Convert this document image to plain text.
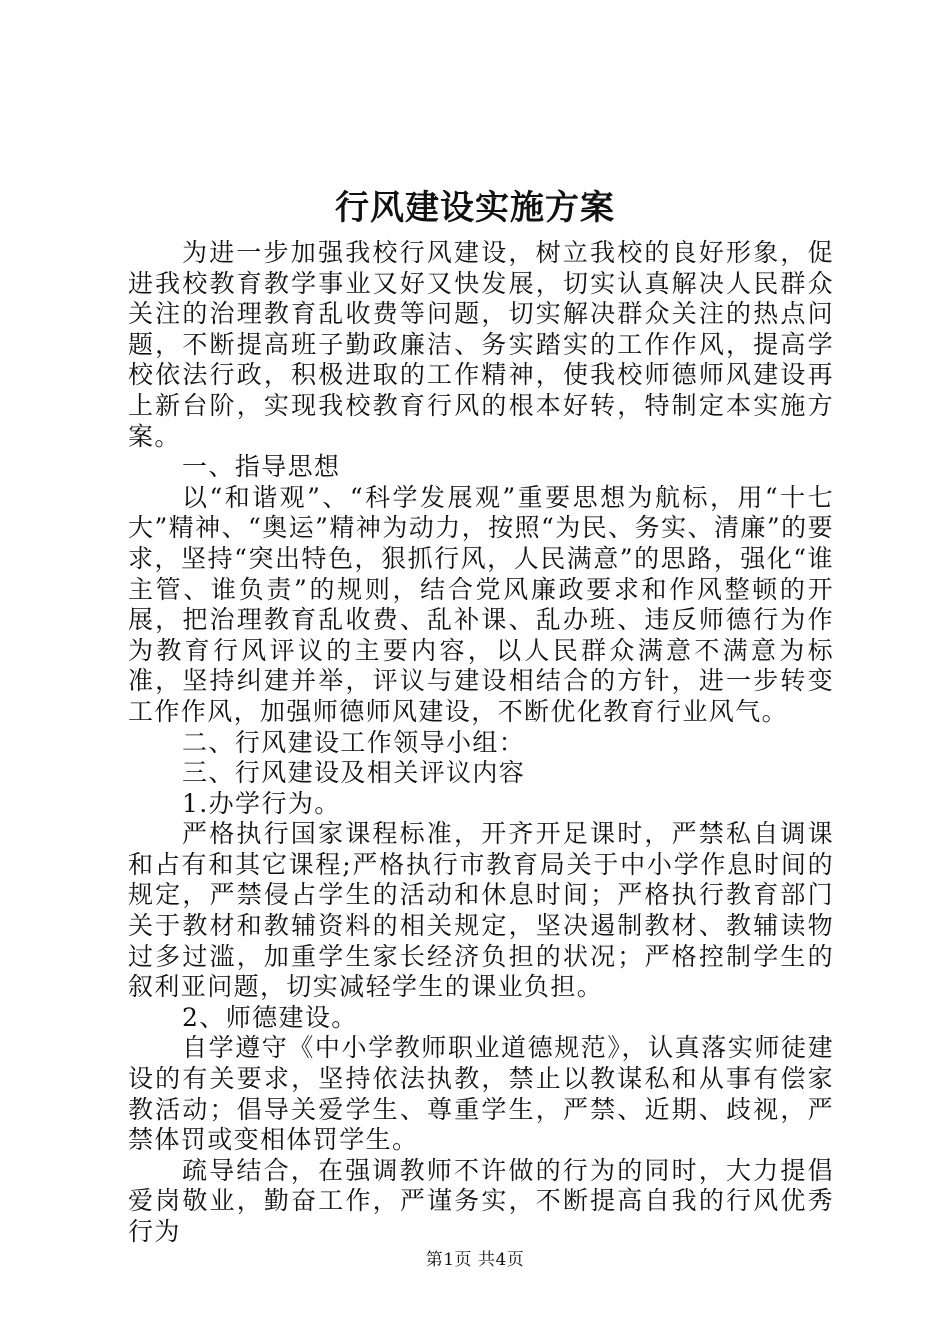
行风建设实施方案

为进一步加强我校行风建设，树立我校的良好形象，促进我校教育教学事业又好又快发展，切实认真解决人民群众关注的治理教育乱收费等问题，切实解决群众关注的热点问题，不断提高班子勤政廉洁、务实踏实的工作作风，提高学校依法行政，积极进取的工作精神，使我校师德师风建设再上新台阶，实现我校教育行风的根本好转，特制定本实施方案。

一、指导思想

以“和谐观”、“科学发展观”重要思想为航标，用“十七大”精神、“奥运”精神为动力，按照“为民、务实、清廉”的要求，坚持“突出特色，狠抓行风，人民满意”的思路，强化“谁主管、谁负责”的规则，结合党风廉政要求和作风整顿的开展，把治理教育乱收费、乱补课、乱办班、违反师德行为作为教育行风评议的主要内容，以人民群众满意不满意为标准，坚持纠建并举，评议与建设相结合的方针，进一步转变工作作风，加强师德师风建设，不断优化教育行业风气。

二、行风建设工作领导小组：

三、行风建设及相关评议内容

1.办学行为。

严格执行国家课程标准，开齐开足课时，严禁私自调课和占有和其它课程;严格执行市教育局关于中小学作息时间的规定，严禁侵占学生的活动和休息时间；严格执行教育部门关于教材和教辅资料的相关规定，坚决遏制教材、教辅读物过多过滥，加重学生家长经济负担的状况；严格控制学生的叙利亚问题，切实减轻学生的课业负担。

2、师德建设。

自学遵守《中小学教师职业道德规范》，认真落实师徒建设的有关要求，坚持依法执教，禁止以教谋私和从事有偿家教活动；倡导关爱学生、尊重学生，严禁、近期、歧视，严禁体罚或变相体罚学生。

疏导结合，在强调教师不许做的行为的同时，大力提倡爱岗敬业，勤奋工作，严谨务实，不断提高自我的行风优秀行为

第1页 共4页
